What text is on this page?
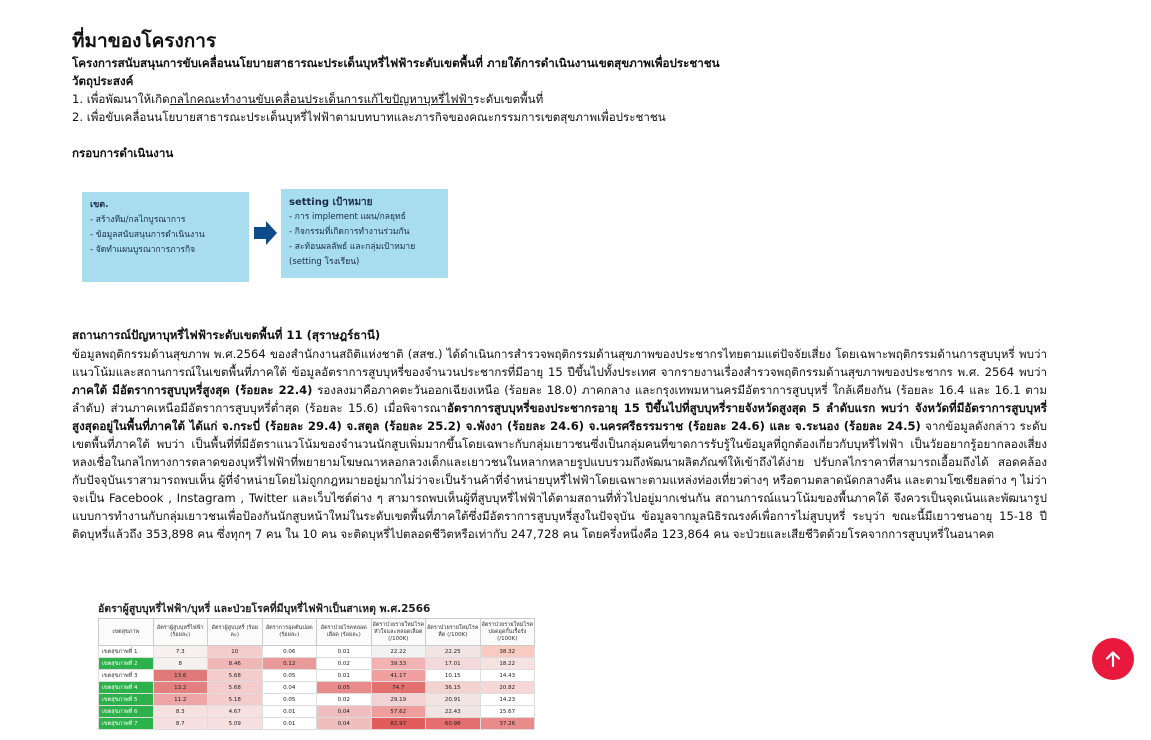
ที่มาของโครงการ
โครงการสนับสนุนการขับเคลื่อนนโยบายสาธารณะประเด็นบุหรี่ไฟฟ้าระดับเขตพื้นที่ ภายใต้การดำเนินงานเขตสุขภาพเพื่อประชาชน
วัตถุประสงค์
1. เพื่อพัฒนาให้เกิดกลไกคณะทำงานขับเคลื่อนประเด็นการแก้ไขปัญหาบุหรี่ไฟฟ้าระดับเขตพื้นที่
2. เพื่อขับเคลื่อนนโยบายสาธารณะประเด็นบุหรี่ไฟฟ้าตามบทบาทและภารกิจของคณะกรรมการเขตสุขภาพเพื่อประชาชน
กรอบการดำเนินงาน
สถานการณ์ปัญหาบุหรี่ไฟฟ้าระดับเขตพื้นที่ 11 (สุราษฎร์ธานี)
ข้อมูลพฤติกรรมด้านสุขภาพ พ.ศ.2564 ของสำนักงานสถิติแห่งชาติ (สสช.) ได้ดำเนินการสำรวจพฤติกรรมด้านสุขภาพของประชากรไทยตามแต่ปัจจัยเสี่ยง โดยเฉพาะพฤติกรรมด้านการสูบบุหรี่ พบว่า แนวโน้มและสถานการณ์ในเขตพื้นที่ภาคใต้ ข้อมูลอัตราการสูบบุหรี่ของจำนวนประชากรที่มีอายุ 15 ปีขึ้นไปทั้งประเทศ จากรายงานเรื่องสำรวจพฤติกรรมด้านสุขภาพของประชากร พ.ศ. 2564 พบว่า ภาคใต้ มีอัตราการสูบบุหรี่สูงสุด (ร้อยละ 22.4) รองลงมาคือภาคตะวันออกเฉียงเหนือ (ร้อยละ 18.0) ภาคกลาง และกรุงเทพมหานครมีอัตราการสูบบุหรี่ ใกล้เคียงกัน (ร้อยละ 16.4 และ 16.1 ตามลำดับ) ส่วนภาคเหนือมีอัตราการสูบบุหรี่ต่ำสุด (ร้อยละ 15.6) เมื่อพิจารณาอัตราการสูบบุหรี่ของประชากรอายุ 15 ปีขึ้นไปที่สูบบุหรี่รายจังหวัดสูงสุด 5 ลำดับแรก พบว่า จังหวัดที่มีอัตราการสูบบุหรี่สูงสุดอยู่ในพื้นที่ภาคใต้ ได้แก่ จ.กระบี่ (ร้อยละ 29.4) จ.สตูล (ร้อยละ 25.2) จ.พังงา (ร้อยละ 24.6) จ.นครศรีธรรมราช (ร้อยละ 24.6) และ จ.ระนอง (ร้อยละ 24.5) จากข้อมูลดังกล่าว ระดับเขตพื้นที่ภาคใต้ พบว่า เป็นพื้นที่ที่มีอัตราแนวโน้มของจำนวนนักสูบเพิ่มมากขึ้นโดยเฉพาะกับกลุ่มเยาวชนซึ่งเป็นกลุ่มคนที่ขาดการรับรู้ในข้อมูลที่ถูกต้องเกี่ยวกับบุหรี่ไฟฟ้า เป็นวัยอยากรู้อยากลองเสี่ยงหลงเชื่อในกลไกทางการตลาดของบุหรี่ไฟฟ้าที่พยายามโฆษณาหลอกลวงเด็กและเยาวชนในหลากหลายรูปแบบรวมถึงพัฒนาผลิตภัณฑ์ให้เข้าถึงได้ง่าย ปรับกลไกราคาที่สามารถเอื้อมถึงได้ สอดคล้องกับปัจจุบันเราสามารถพบเห็น ผู้ที่จำหน่ายโดยไม่ถูกกฎหมายอยู่มากไม่ว่าจะเป็นร้านค้าที่จำหน่ายบุหรี่ไฟฟ้าโดยเฉพาะตามแหล่งท่องเที่ยวต่างๆ หรือตามตลาดนัดกลางคืน และตามโซเชียลต่าง ๆ ไม่ว่าจะเป็น Facebook , Instagram , Twitter และเว็บไซต์ต่าง ๆ สามารถพบเห็นผู้ที่สูบบุหรี่ไฟฟ้าได้ตามสถานที่ทั่วไปอยู่มากเช่นกัน สถานการณ์แนวโน้มของพื้นภาคใต้ จึงควรเป็นจุดเน้นและพัฒนารูปแบบการทำงานกับกลุ่มเยาวชนเพื่อป้องกันนักสูบหน้าใหม่ในระดับเขตพื้นที่ภาคใต้ซึ่งมีอัตราการสูบบุหรี่สูงในปัจจุบัน ข้อมูลจากมูลนิธิรณรงค์เพื่อการไม่สูบบุหรี่ ระบุว่า ขณะนี้มีเยาวชนอายุ 15-18 ปี ติดบุหรี่แล้วถึง 353,898 คน ซึ่งทุกๆ 7 คน ใน 10 คน จะติดบุหรี่ไปตลอดชีวิตหรือเท่ากับ 247,728 คน โดยครึ่งหนึ่งคือ 123,864 คน จะป่วยและเสียชีวิตด้วยโรคจากการสูบบุหรี่ในอนาคต
เขต.
- สร้างทีม/กลไกบูรณาการ
- ข้อมูลสนับสนุนการดำเนินงาน
- จัดทำแผนบูรณาการภารกิจ
setting เป้าหมาย
- การ implement แผน/กลยุทธ์
- กิจกรรมที่เกิดการทำงานร่วมกัน
- สะท้อนผลลัพธ์ และกลุ่มเป้าหมาย
(setting โรงเรียน)
อัตราผู้สูบบุหรี่ไฟฟ้า/บุหรี่ และป่วยโรคที่มีบุหรี่ไฟฟ้าเป็นสาเหตุ พ.ศ.2566
เขตสุขภาพ	อัตราผู้สูบบุหรี่ไฟฟ้า (ร้อยละ)	อัตราผู้สูบบุหรี่ (ร้อยละ)	อัตราการอุดตันปอด (ร้อยละ)	อัตราป่วยโรคหลอดเลือด (ร้อยละ)	อัตราป่วยรายใหม่โรคหัวใจและหลอดเลือด (/100K)	อัตราป่วยรายใหม่โรคหืด (/100K)	อัตราป่วยรายใหม่โรคปอดอุดกั้นเรื้อรัง (/100K)
เขตสุขภาพที่ 1	7.3	10	0.06	0.01	22.22	22.25	38.32
เขตสุขภาพที่ 2	8	8.46	0.12	0.02	39.33	17.01	18.22
เขตสุขภาพที่ 3	13.6	5.68	0.05	0.01	41.17	10.15	14.43
เขตสุขภาพที่ 4	13.2	5.68	0.04	0.05	74.7	36.15	20.82
เขตสุขภาพที่ 5	11.2	5.18	0.05	0.02	29.19	20.91	14.23
เขตสุขภาพที่ 6	8.3	4.67	0.01	0.04	57.62	22.43	15.67
เขตสุขภาพที่ 7	8.7	5.09	0.01	0.04	82.97	60.98	37.26
